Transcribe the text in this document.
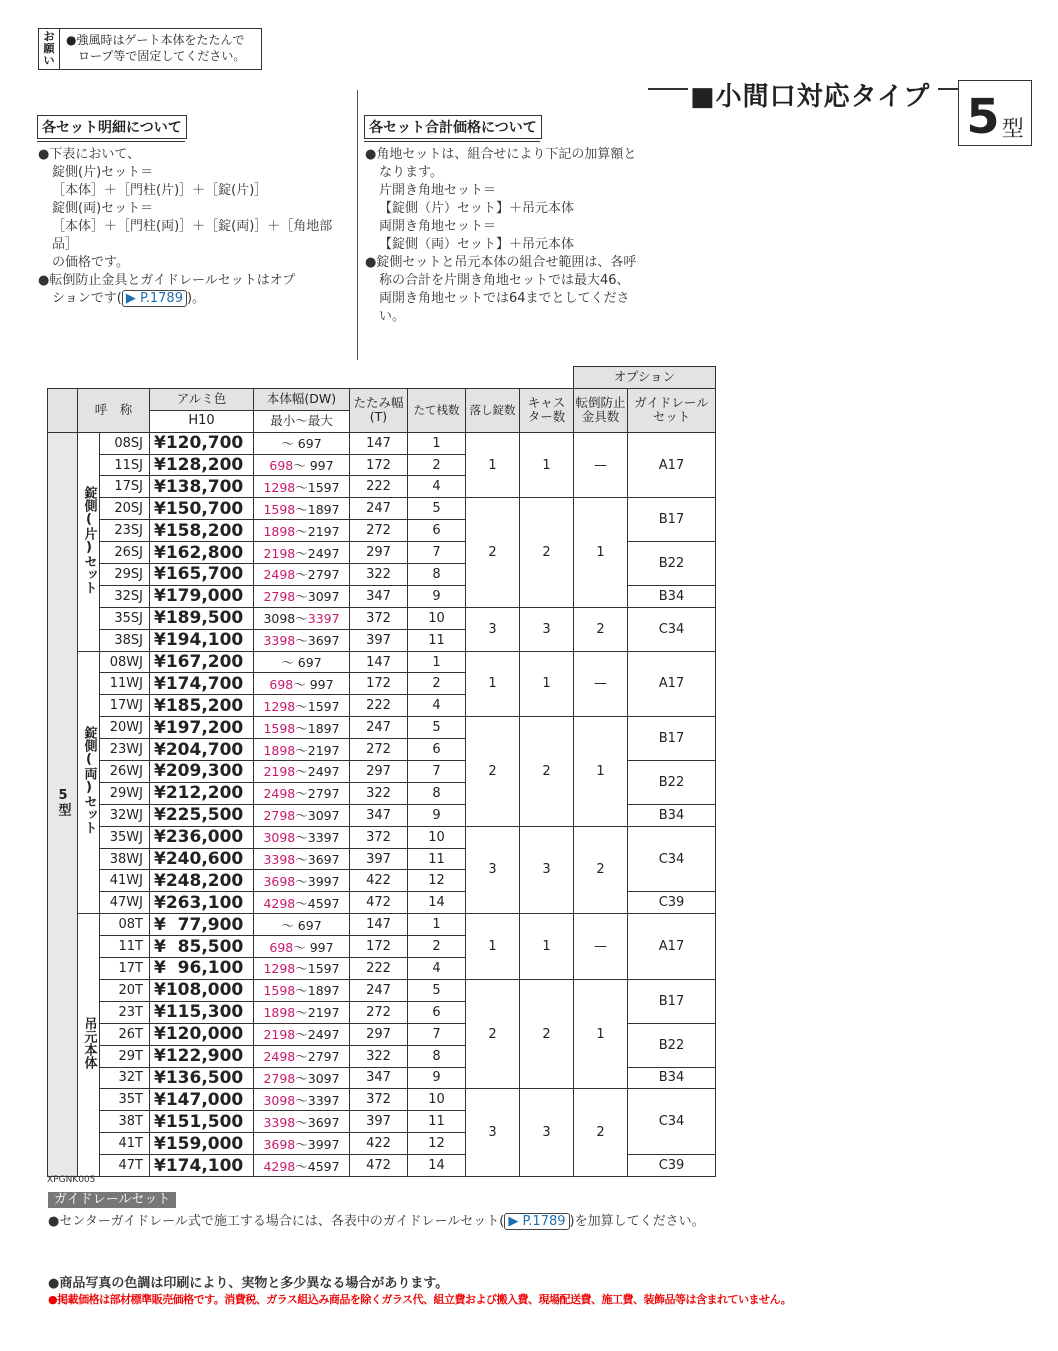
お
願
い
●強風時はゲート本体をたたんで
ロープ等で固定してください。
■小間口対応タイプ 5 型
各セット明細について
●下表において、
錠側(片)セット＝
［本体］＋［門柱(片)］＋［錠(片)］
錠側(両)セット＝
［本体］＋［門柱(両)］＋［錠(両)］＋［角地部品］
の価格です。
●転倒防止金具とガイドレールセットはオプ
ションです( ▶ P.1789 )。
各セット合計価格について
●角地セットは、組合せにより下記の加算額と
なります。
片開き角地セット＝
【錠側（片）セット】＋吊元本体
両開き角地セット＝
【錠側（両）セット】＋吊元本体
●錠側セットと吊元本体の組合せ範囲は、各呼
称の合計を片開き角地セットでは最大46、
両開き角地セットでは64までとしてくださ
い。
									オプション	
	呼　称		アルミ色	本体幅(DW)	たたみ幅
(T)	たて桟数	落し錠数	キャス
ター数	転倒防止
金具数	ガイドレール
セット
			H10	最小～最大						
5型	錠側(片)セット	08SJ	¥120,700	～ 697	147	1	1	1	—	A17
		11SJ	¥128,200	698～ 997	172	2				
		17SJ	¥138,700	1298～1597	222	4				
		20SJ	¥150,700	1598～1897	247	5	2	2	1	B17
		23SJ	¥158,200	1898～2197	272	6				
		26SJ	¥162,800	2198～2497	297	7				B22
		29SJ	¥165,700	2498～2797	322	8				
		32SJ	¥179,000	2798～3097	347	9				B34
		35SJ	¥189,500	3098～3397	372	10	3	3	2	C34
		38SJ	¥194,100	3398～3697	397	11				
	錠側(両)セット	08WJ	¥167,200	～ 697	147	1	1	1	—	A17
		11WJ	¥174,700	698～ 997	172	2				
		17WJ	¥185,200	1298～1597	222	4				
		20WJ	¥197,200	1598～1897	247	5	2	2	1	B17
		23WJ	¥204,700	1898～2197	272	6				
		26WJ	¥209,300	2198～2497	297	7				B22
		29WJ	¥212,200	2498～2797	322	8				
		32WJ	¥225,500	2798～3097	347	9				B34
		35WJ	¥236,000	3098～3397	372	10	3	3	2	C34
		38WJ	¥240,600	3398～3697	397	11				
		41WJ	¥248,200	3698～3997	422	12				
		47WJ	¥263,100	4298～4597	472	14				C39
	吊元本体	08T	¥  77,900	～ 697	147	1	1	1	—	A17
		11T	¥  85,500	698～ 997	172	2				
		17T	¥  96,100	1298～1597	222	4				
		20T	¥108,000	1598～1897	247	5	2	2	1	B17
		23T	¥115,300	1898～2197	272	6				
		26T	¥120,000	2198～2497	297	7				B22
		29T	¥122,900	2498～2797	322	8				
		32T	¥136,500	2798～3097	347	9				B34
		35T	¥147,000	3098～3397	372	10	3	3	2	C34
		38T	¥151,500	3398～3697	397	11				
		41T	¥159,000	3698～3997	422	12				
		47T	¥174,100	4298～4597	472	14				C39
XPGNK005
ガイドレールセット
●センターガイドレール式で施工する場合には、各表中のガイドレールセット( ▶ P.1789 )を加算してください。
●商品写真の色調は印刷により、実物と多少異なる場合があります。
●掲載価格は部材標準販売価格です。消費税、ガラス組込み商品を除くガラス代、組立費および搬入費、現場配送費、施工費、装飾品等は含まれていません。
